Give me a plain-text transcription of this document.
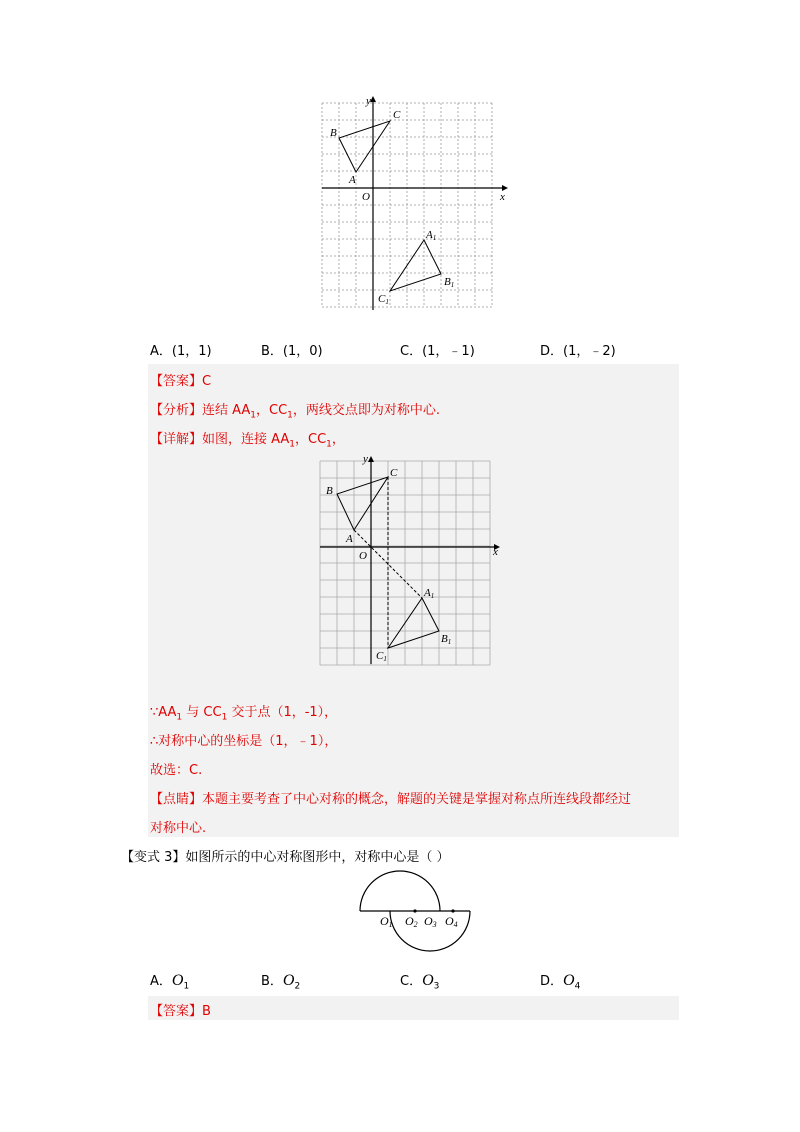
x
y
O
A
B
C
A1
B1
C1
A．(1，1)	B．(1，0)	C．(1，﹣1)	D．(1，﹣2)
【答案】C
【分析】连结 $AA_1$，$CC_1$，两线交点即为对称中心.
【详解】如图，连接 $AA_1$，$CC_1$，
x
y
O
A
B
C
A1
B1
C1
$\because AA_1$ 与 $CC_1$ 交于点（1，-1），
∴对称中心的坐标是（1，﹣1），
故选：C.
【点睛】本题主要考查了中心对称的概念，解题的关键是掌握对称点所连线段都经过
对称中心.
【变式 3】如图所示的中心对称图形中，对称中心是（ ）
O1 O2 O3 O4
A．$O_1$	B．$O_2$	C．$O_3$	D．$O_4$
【答案】B
